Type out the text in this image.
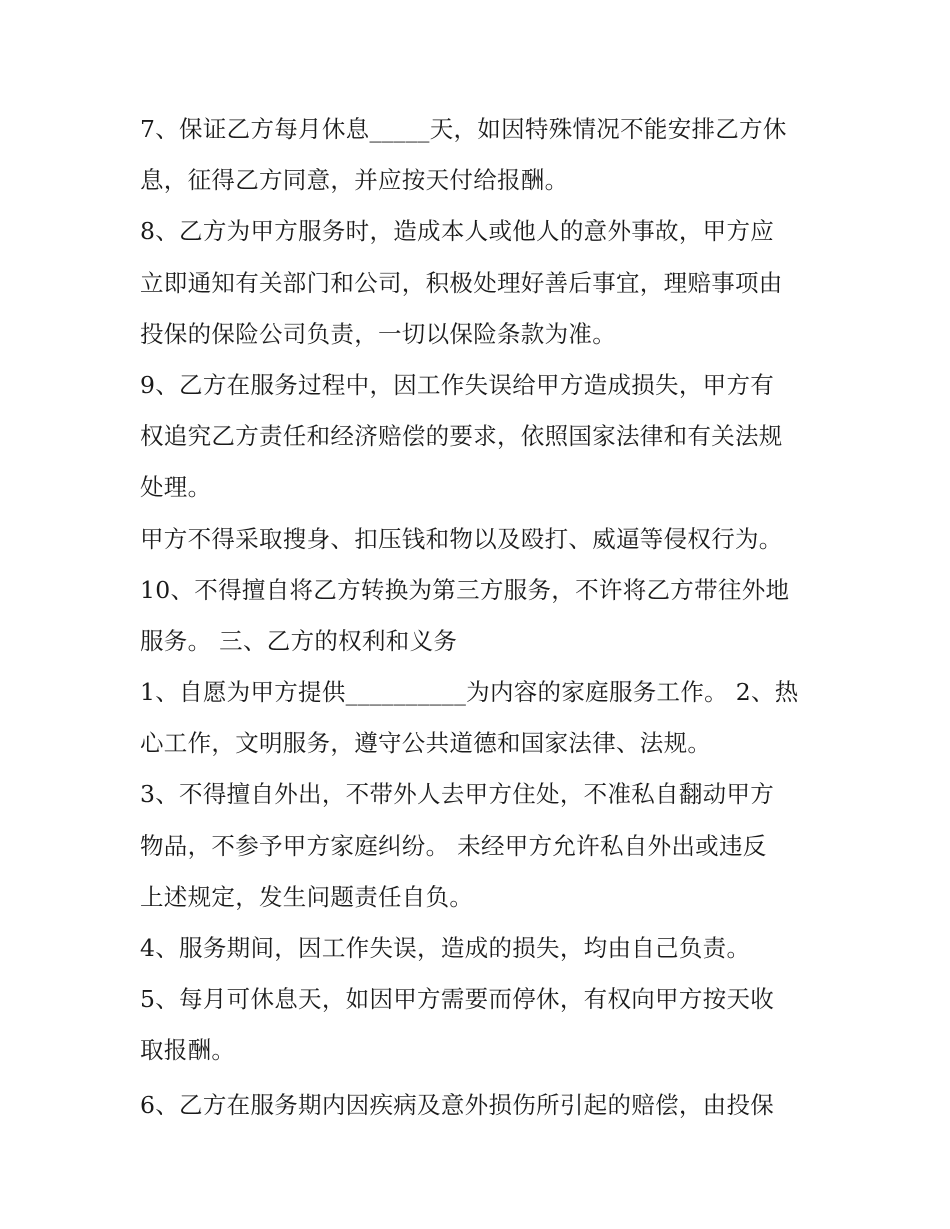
7、保证乙方每月休息_____天，如因特殊情况不能安排乙方休
息，征得乙方同意，并应按天付给报酬。
8、乙方为甲方服务时，造成本人或他人的意外事故，甲方应
立即通知有关部门和公司，积极处理好善后事宜，理赔事项由
投保的保险公司负责，一切以保险条款为准。
9、乙方在服务过程中，因工作失误给甲方造成损失，甲方有
权追究乙方责任和经济赔偿的要求，依照国家法律和有关法规
处理。
甲方不得采取搜身、扣压钱和物以及殴打、威逼等侵权行为。
10、不得擅自将乙方转换为第三方服务，不许将乙方带往外地
服务。 三、乙方的权利和义务
1、自愿为甲方提供__________为内容的家庭服务工作。 2、热
心工作，文明服务，遵守公共道德和国家法律、法规。
3、不得擅自外出，不带外人去甲方住处，不准私自翻动甲方
物品，不参予甲方家庭纠纷。 未经甲方允许私自外出或违反
上述规定，发生问题责任自负。
4、服务期间，因工作失误，造成的损失，均由自己负责。
5、每月可休息天，如因甲方需要而停休，有权向甲方按天收
取报酬。
6、乙方在服务期内因疾病及意外损伤所引起的赔偿，由投保
